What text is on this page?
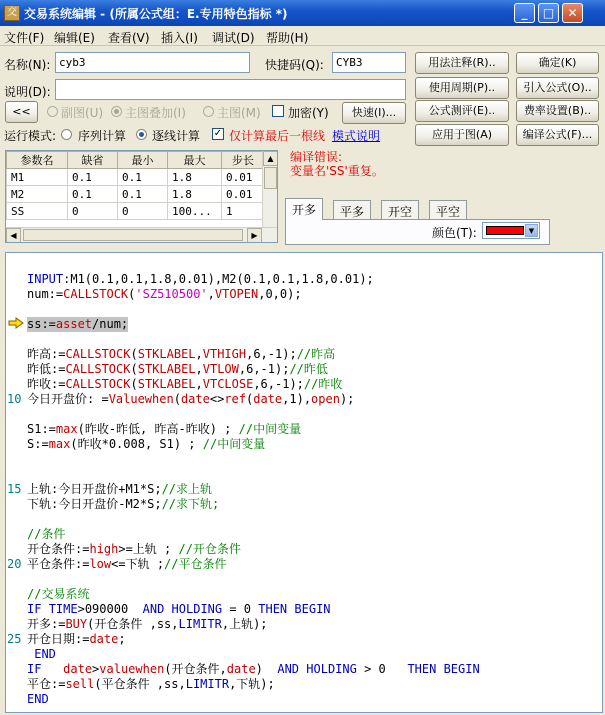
交 交易系统编辑 - (所属公式组：E.专用特色指标 *)	_	□	✕
文件(F) 编辑(E) 查看(V) 插入(I) 调试(D) 帮助(H)
名称(N): cyb3	快捷码(Q):	CYB3
说明(D):
<<	副图(U) 主图叠加(I)	主图(M) 加密(Y)	快速(I)...
运行模式: 序列计算 逐线计算 ✓ 仅计算最后一根线 模式说明
用法注释(R)..	确定(K)
使用周期(P)..	引入公式(O)..
公式测评(E)..	费率设置(B)..
应用于图(A)	编译公式(F)...
参数名	缺省	最小	最大	步长
M1	0.1	0.1	1.8	0.01
M2	0.1	0.1	1.8	0.01
SS	0	0	100...	1
▲
◀	▶
编译错误:
变量名'SS'重复。
开多	平多	开空	平空
颜色(T):	▼
INPUT:M1(0.1,0.1,1.8,0.01),M2(0.1,0.1,1.8,0.01);
num:=CALLSTOCK('SZ510500',VTOPEN,0,0);
ss:=asset/num;
昨高:=CALLSTOCK(STKLABEL,VTHIGH,6,-1);//昨高
昨低:=CALLSTOCK(STKLABEL,VTLOW,6,-1);//昨低
昨收:=CALLSTOCK(STKLABEL,VTCLOSE,6,-1);//昨收
10 今日开盘价: =Valuewhen(date<>ref(date,1),open);
S1:=max(昨收-昨低, 昨高-昨收) ; //中间变量
S:=max(昨收*0.008, S1) ; //中间变量
15 上轨:今日开盘价+M1*S;//求上轨
下轨:今日开盘价-M2*S;//求下轨;
//条件
开仓条件:=high>=上轨 ; //开仓条件
20 平仓条件:=low<=下轨 ;//平仓条件
//交易系统
IF TIME>090000  AND HOLDING = 0 THEN BEGIN
开多:=BUY(开仓条件 ,ss,LIMITR,上轨);
25 开仓日期:=date;
END
IF date>valuewhen(开仓条件,date)  AND HOLDING > 0   THEN BEGIN
平仓:=sell(平仓条件 ,ss,LIMITR,下轨);
END
